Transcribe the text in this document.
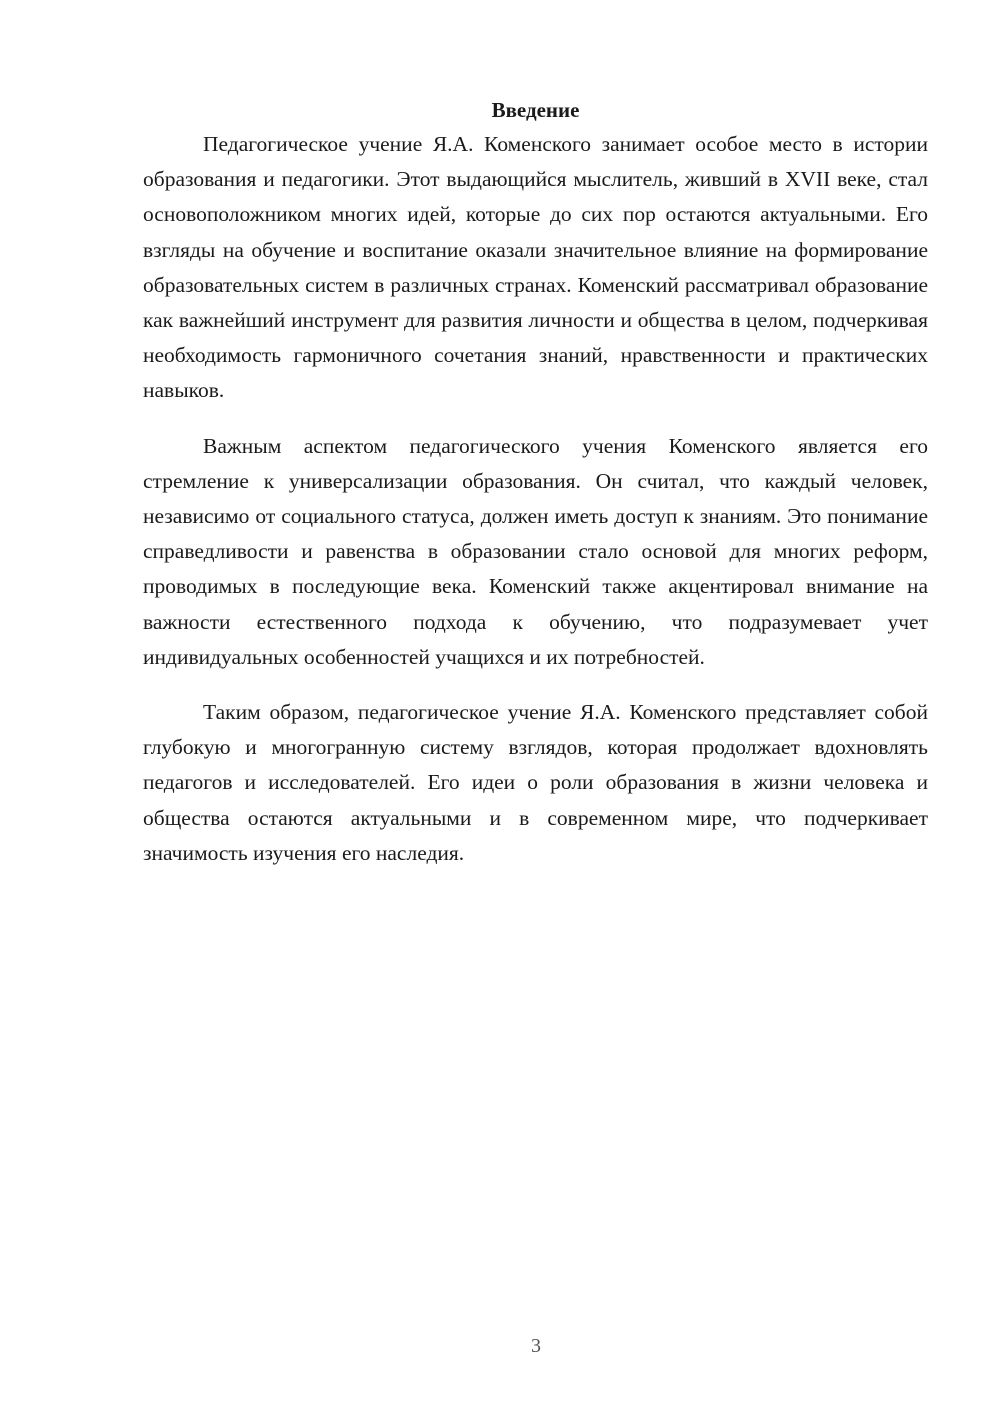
Введение

Педагогическое учение Я.А. Коменского занимает особое место в истории образования и педагогики. Этот выдающийся мыслитель, живший в XVII веке, стал основоположником многих идей, которые до сих пор остаются актуальными. Его взгляды на обучение и воспитание оказали значительное влияние на формирование образовательных систем в различных странах. Коменский рассматривал образование как важнейший инструмент для развития личности и общества в целом, подчеркивая необходимость гармоничного сочетания знаний, нравственности и практических навыков.

Важным аспектом педагогического учения Коменского является его стремление к универсализации образования. Он считал, что каждый человек, независимо от социального статуса, должен иметь доступ к знаниям. Это понимание справедливости и равенства в образовании стало основой для многих реформ, проводимых в последующие века. Коменский также акцентировал внимание на важности естественного подхода к обучению, что подразумевает учет индивидуальных особенностей учащихся и их потребностей.

Таким образом, педагогическое учение Я.А. Коменского представляет собой глубокую и многогранную систему взглядов, которая продолжает вдохновлять педагогов и исследователей. Его идеи о роли образования в жизни человека и общества остаются актуальными и в современном мире, что подчеркивает значимость изучения его наследия.

3
